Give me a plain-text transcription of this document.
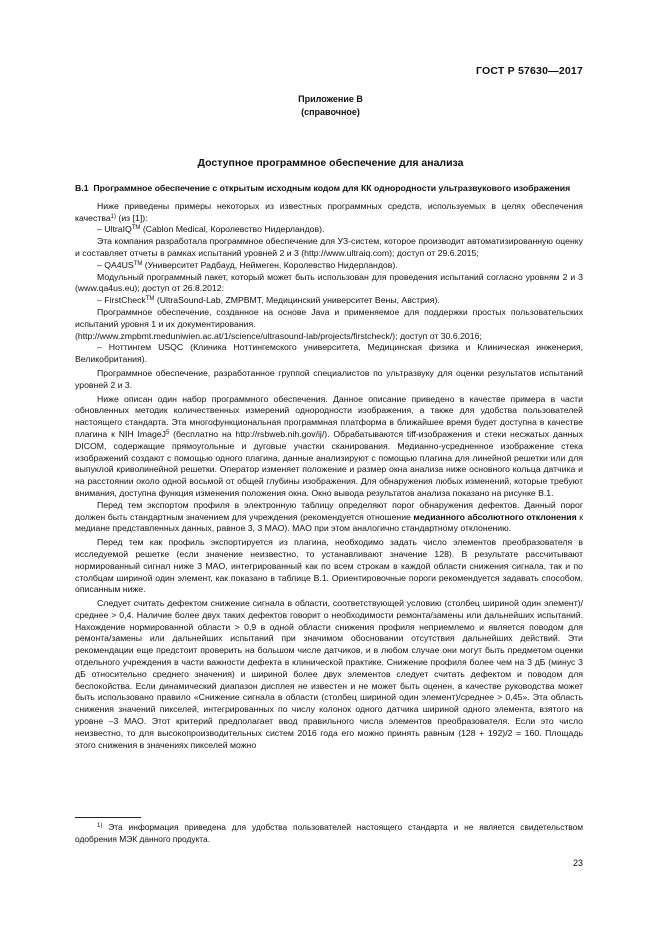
ГОСТ Р 57630—2017
Приложение В
(справочное)
Доступное программное обеспечение для анализа

В.1 Программное обеспечение с открытым исходным кодом для КК однородности ультразвукового изображения

Ниже приведены примеры некоторых из известных программных средств, используемых в целях обеспечения качества$^{1)}$ (из [1]):

– UltraIQ™ (Cablon Medical, Королевство Нидерландов).

Эта компания разработала программное обеспечение для УЗ-систем, которое производит автоматизированную оценку и составляет отчеты в рамках испытаний уровней 2 и 3 (http://www.ultraiq.com); доступ от 29.6.2015;

– QA4US™ (Университет Радбауд, Неймеген, Королевство Нидерландов).

Модульный программный пакет, который может быть использован для проведения испытаний согласно уровням 2 и 3 (www.qa4us.eu); доступ от 26.8.2012:

– FirstCheck™ (UltraSound-Lab, ZMPBMT, Медицинский университет Вены, Австрия).

Программное обеспечение, созданное на основе Java и применяемое для поддержки простых пользовательских испытаний уровня 1 и их документирования.

(http://www.zmpbmt.meduniwien.ac.at/1/science/ultrasound-lab/projects/firstcheck/); доступ от 30.6.2016;

– Ноттингем USQC (Клиника Ноттингемского университета, Медицинская физика и Клиническая инженерия, Великобритания).

Программное обеспечение, разработанное группой специалистов по ультразвуку для оценки результатов испытаний уровней 2 и 3.

Ниже описан один набор программного обеспечения. Данное описание приведено в качестве примера в части обновленных методик количественных измерений однородности изображения, а также для удобства пользователей настоящего стандарта. Эта многофункциональная программная платформа в ближайшее время будет доступна в качестве плагина к NIH ImageJ$^5$ (бесплатно на http://rsbweb.nih.gov/ij/). Обрабатываются tiff-изображения и стеки несжатых данных DICOM, содержащие прямоугольные и дуговые участки сканирования. Медианно-усредненное изображение стека изображений создают с помощью одного плагина, данные анализируют с помощью плагина для линейной решетки или для выпуклой криволинейной решетки. Оператор изменяет положение и размер окна анализа ниже основного кольца датчика и на расстоянии около одной восьмой от общей глубины изображения. Для обнаружения любых изменений, которые требуют внимания, доступна функция изменения положения окна. Окно вывода результатов анализа показано на рисунке В.1.

Перед тем экспортом профиля в электронную таблицу определяют порог обнаружения дефектов. Данный порог должен быть стандартным значением для учреждения (рекомендуется отношение медианного абсолютного отклонения к медиане представленных данных, равное 3, 3 MAO). MAO при этом аналогично стандартному отклонению.

Перед тем как профиль экспортируется из плагина, необходимо задать число элементов преобразователя в исследуемой решетке (если значение неизвестно, то устанавливают значение 128). В результате рассчитывают нормированный сигнал ниже 3 MAO, интегрированный как по всем строкам в каждой области снижения сигнала, так и по столбцам шириной один элемент, как показано в таблице В.1. Ориентировочные пороги рекомендуется задавать способом, описанным ниже.

Следует считать дефектом снижение сигнала в области, соответствующей условию (столбец шириной один элемент)/среднее > 0,4. Наличие более двух таких дефектов говорит о необходимости ремонта/замены или дальнейших испытаний. Нахождение нормированной области > 0,9 в одной области снижения профиля неприемлемо и является поводом для ремонта/замены или дальнейших испытаний при значимом обосновании отсутствия дальнейших действий. Эти рекомендации еще предстоит проверить на большом числе датчиков, и в любом случае они могут быть предметом оценки отдельного учреждения в части важности дефекта в клинической практике. Снижение профиля более чем на 3 дБ (минус 3 дБ относительно среднего значения) и шириной более двух элементов следует считать дефектом и поводом для беспокойства. Если динамический диапазон дисплея не известен и не может быть оценен, в качестве руководства может быть использовано правило «Снижение сигнала в области (столбец шириной один элемент)/среднее > 0,45». Эта область снижения значений пикселей, интегрированных по числу колонок одного датчика шириной одного элемента, взятого на уровне –3 MAO. Этот критерий предполагает ввод правильного числа элементов преобразователя. Если это число неизвестно, то для высокопроизводительных систем 2016 года его можно принять равным (128 + 192)/2 = 160. Площадь этого снижения в значениях пикселей можно

$^{1)}$ Эта информация приведена для удобства пользователей настоящего стандарта и не является свидетельством одобрения МЭК данного продукта.
23
